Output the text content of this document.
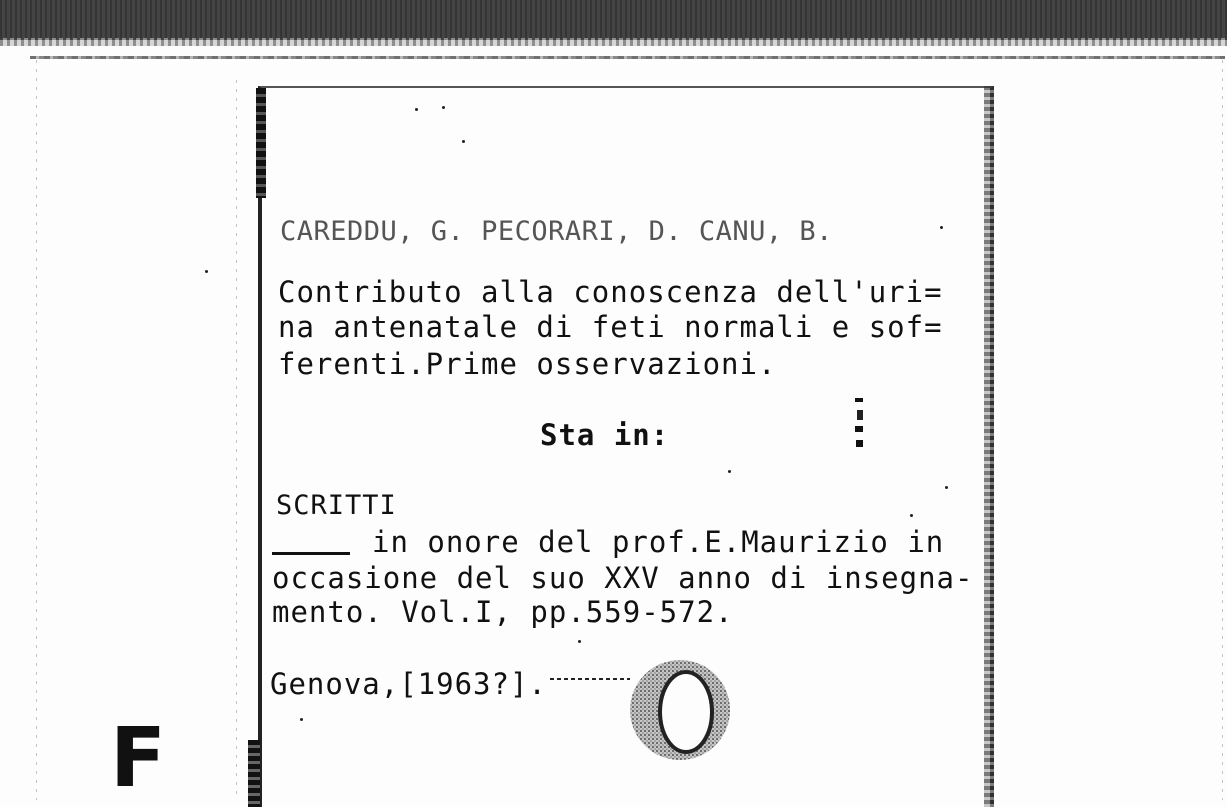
CAREDDU, G. PECORARI, D. CANU, B.
Contributo alla conoscenza dell'uri=
na antenatale di feti normali e sof=
ferenti.Prime osservazioni.
Sta in:
SCRITTI
in onore del prof.E.Maurizio in
occasione del suo XXV anno di insegna-
mento. Vol.I, pp.559-572.
Genova,[1963?].
F
